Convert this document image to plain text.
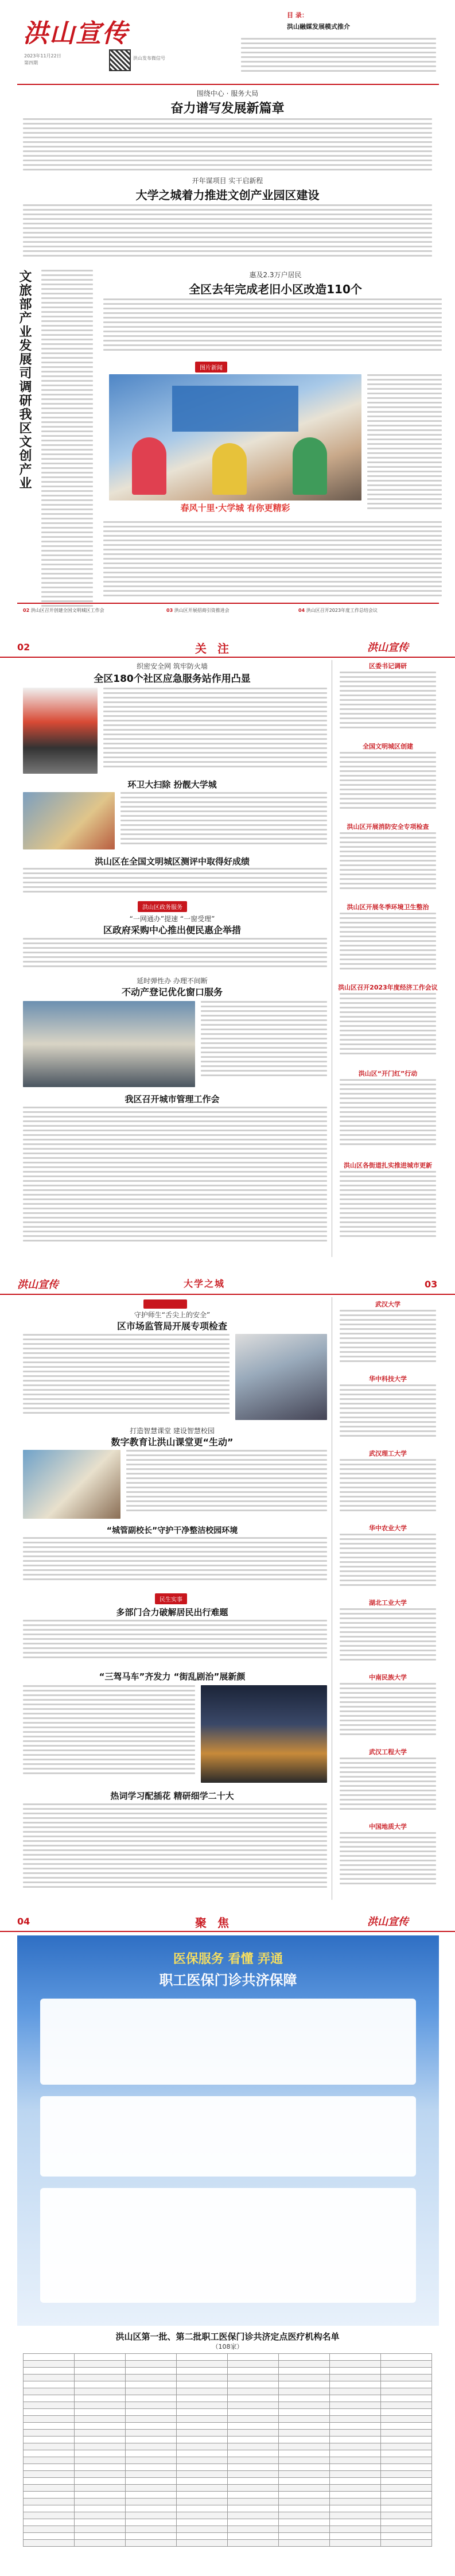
洪山宣传
2023年11月22日
第四期
洪山发布微信号
目 录：
洪山融媒发展模式推介
围绕中心 · 服务大局
奋力谱写发展新篇章
开年谋项目 实干启新程
大学之城着力推进文创产业园区建设
文旅部产业发展司调研我区文创产业	惠及2.3万户居民
全区去年完成老旧小区改造110个
图片新闻
春风十里·大学城 有你更精彩
02 洪山区召开创建全国文明城区工作会	03 洪山区开展招商引资推进会	04 洪山区召开2023年度工作总结会议
02	关 注	洪山宣传
织密安全网 筑牢防火墙
全区180个社区应急服务站作用凸显
环卫大扫除 扮靓大学城
洪山区在全国文明城区测评中取得好成绩
洪山区政务服务
“一网通办”提速 “一窗受理”
区政府采购中心推出便民惠企举措
延时弹性办 办理不间断
不动产登记优化窗口服务
我区召开城市管理工作会
区委书记调研
全国文明城区创建
洪山区开展消防安全专项检查
洪山区开展冬季环境卫生整治
洪山区召开2023年度经济工作会议
洪山区“开门红”行动
洪山区各街道扎实推进城市更新
洪山宣传	大学之城	03
守护师生“舌尖上的安全”
区市场监管局开展专项检查
打造智慧课堂 建设智慧校园
数字教育让洪山课堂更“生动”
“城管副校长”守护干净整洁校园环境
民生实事
多部门合力破解居民出行难题
“三驾马车”齐发力 “街乱剧治”展新颜
热词学习配插花 精研细学二十大
武汉大学
华中科技大学
武汉理工大学
华中农业大学
湖北工业大学
中南民族大学
武汉工程大学
中国地质大学
04	聚 焦	洪山宣传
医保服务 看懂 弄通
职工医保门诊共济保障
洪山区第一批、第二批职工医保门诊共济定点医疗机构名单
（108家）
